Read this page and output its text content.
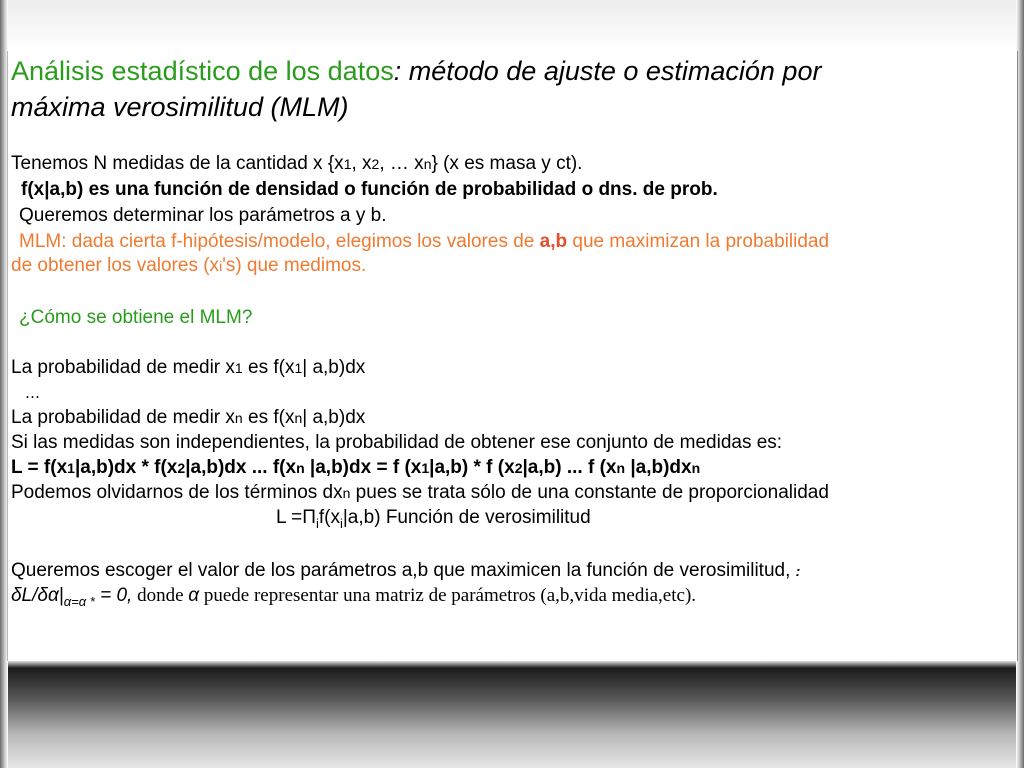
Análisis estadístico de los datos: método de ajuste o estimación por
máxima verosimilitud (MLM)
Tenemos N medidas de la cantidad x {x1, x2, … xn} (x es masa y ct).
f(x|a,b) es una función de densidad o función de probabilidad o dns. de prob.
Queremos determinar los parámetros a y b.
MLM: dada cierta f-hipótesis/modelo, elegimos los valores de a,b que maximizan la probabilidad
de obtener los valores (xi's) que medimos.
¿Cómo se obtiene el MLM?
La probabilidad de medir x1 es f(x1| a,b)dx
…
La probabilidad de medir xn es f(xn| a,b)dx
Si las medidas son independientes, la probabilidad de obtener ese conjunto de medidas es:
L = f(x1|a,b)dx * f(x2|a,b)dx ... f(xn |a,b)dx = f (x1|a,b) * f (x2|a,b) ... f (xn |a,b)dxn
Podemos olvidarnos de los términos dxn pues se trata sólo de una constante de proporcionalidad
$L =\Pi_if(x_i|a,b)$ Función de verosimilitud
Queremos escoger el valor de los parámetros a,b que maximicen la función de verosimilitud, :
$\delta L/\delta\alpha|_{\alpha=\alpha *} = 0$, donde α puede representar una matriz de parámetros (a,b,vida media,etc).
